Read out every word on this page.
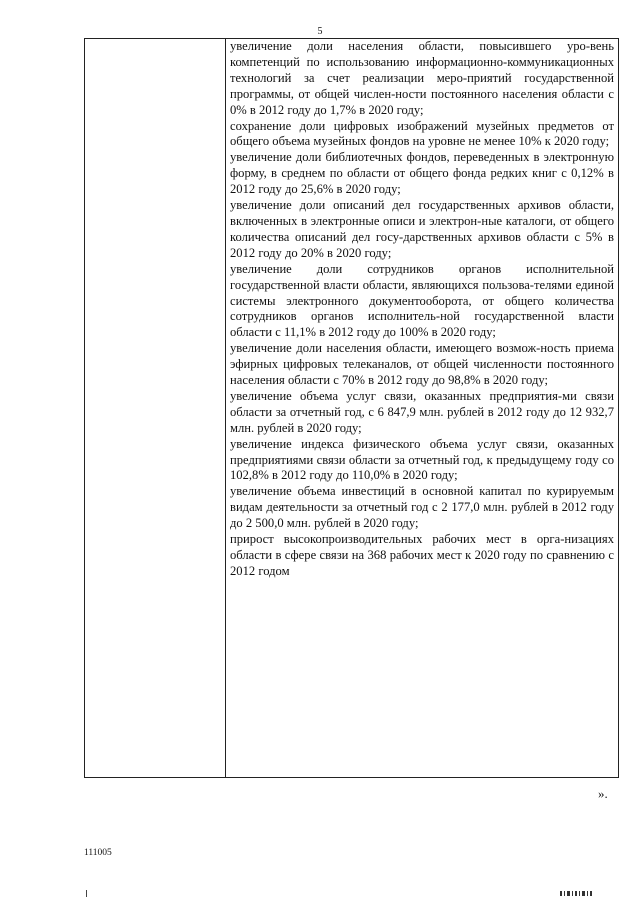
5

увеличение доли населения области, повысившего уро-вень компетенций по использованию информационно-коммуникационных технологий за счет реализации меро-приятий государственной программы, от общей числен-ности постоянного населения области с 0% в 2012 году до 1,7% в 2020 году;
сохранение доли цифровых изображений музейных предметов от общего объема музейных фондов на уровне не менее 10% к 2020 году;
увеличение доли библиотечных фондов, переведенных в электронную форму, в среднем по области от общего фонда редких книг с 0,12% в 2012 году до 25,6% в 2020 году;
увеличение доли описаний дел государственных архивов области, включенных в электронные описи и электрон-ные каталоги, от общего количества описаний дел госу-дарственных архивов области с 5% в 2012 году до 20% в 2020 году;
увеличение доли сотрудников органов исполнительной государственной власти области, являющихся пользова-телями единой системы электронного документооборота, от общего количества сотрудников органов исполнитель-ной государственной власти области с 11,1% в 2012 году до 100% в 2020 году;
увеличение доли населения области, имеющего возмож-ность приема эфирных цифровых телеканалов, от общей численности постоянного населения области с 70% в 2012 году до 98,8% в 2020 году;
увеличение объема услуг связи, оказанных предприятия-ми связи области за отчетный год, с 6 847,9 млн. рублей в 2012 году до 12 932,7 млн. рублей в 2020 году;
увеличение индекса физического объема услуг связи, оказанных предприятиями связи области за отчетный год, к предыдущему году со 102,8% в 2012 году до 110,0% в 2020 году;
увеличение объема инвестиций в основной капитал по курируемым видам деятельности за отчетный год с 2 177,0 млн. рублей в 2012 году до 2 500,0 млн. рублей в 2020 году;
прирост высокопроизводительных рабочих мест в орга-низациях области в сфере связи на 368 рабочих мест к 2020 году по сравнению с 2012 годом
».
111005
